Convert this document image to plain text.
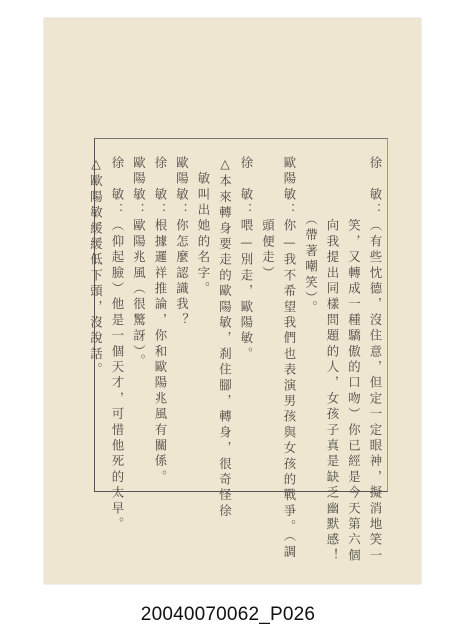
徐　敏：（有些忱德，沒住意，但定一定眼神，擬消地笑一
　　　　笑，又轉成一種驕傲的口吻）你已經是今天第六個
　　　　向我提出同樣問題的人，女孩子真是缺乏幽默感！
　　　　（帶著嘲笑）。
歐陽敏：你—我不希望我們也表演男孩與女孩的戰爭。（調
　　　　頭便走）
徐　敏：喂—別走，歐陽敏。
△本來轉身要走的歐陽敏，刹住腳，轉身，很奇怪徐
　敏叫出她的名字。
歐陽敏：你怎麼認識我？
徐　敏：根據邏祥推論，你和歐陽兆風有關係。
歐陽敏：歐陽兆風（很驚訝）。
徐　敏：（仰起臉）他是一個天才，可惜他死的太早。
△歐陽敏緩緩低下頭，沒說話。
20040070062_P026
